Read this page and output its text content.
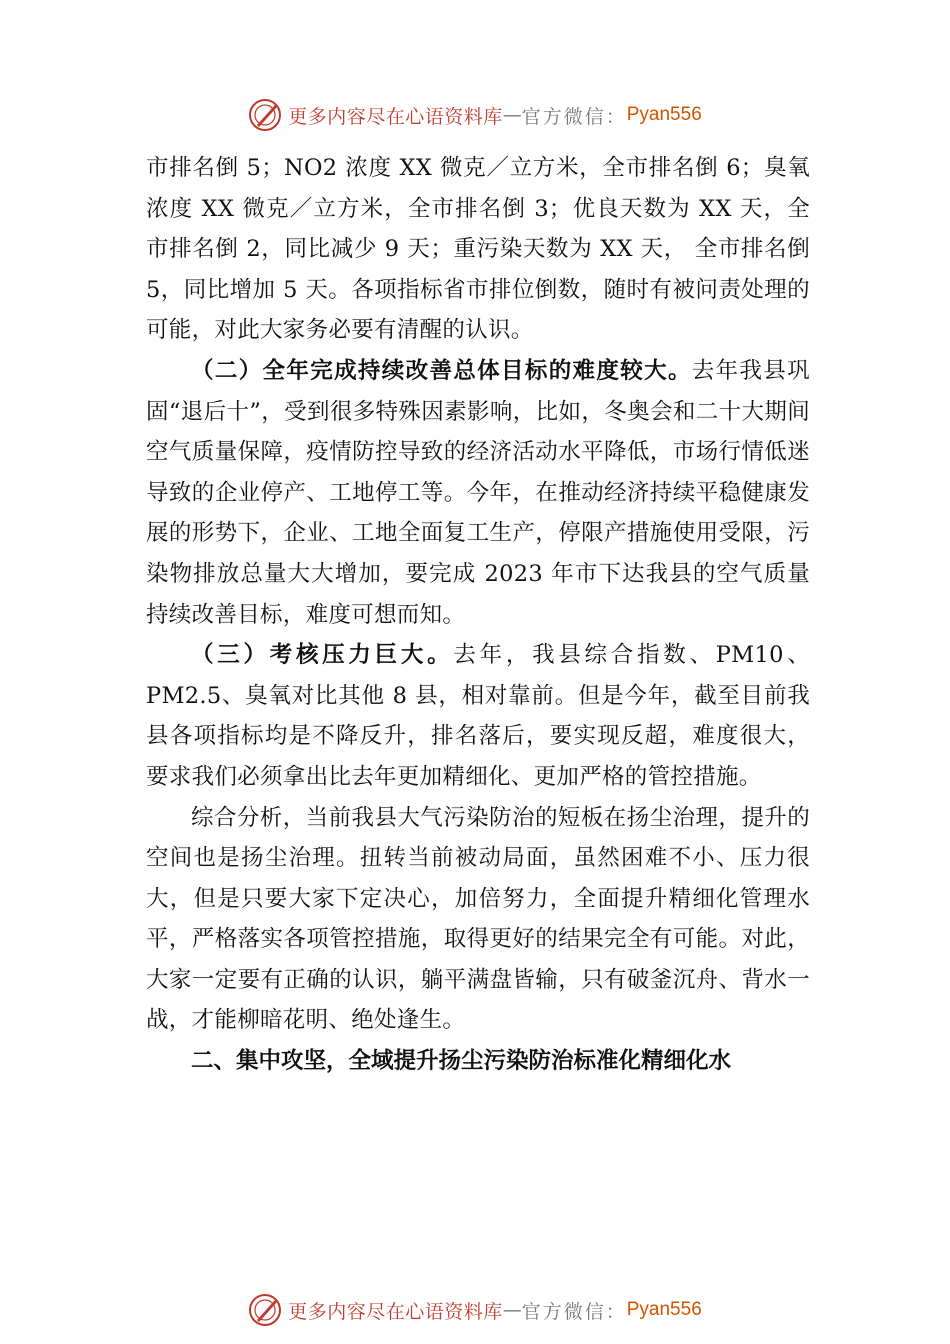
更多内容尽在心语资料库 — 官方微信： Pyan556

市排名倒 5；NO2 浓度 XX 微克／立方米，全市排名倒 6；臭氧浓度 XX 微克／立方米，全市排名倒 3；优良天数为 XX 天，全市排名倒 2，同比减少 9 天；重污染天数为 XX 天， 全市排名倒 5，同比增加 5 天。各项指标省市排位倒数，随时有被问责处理的可能，对此大家务必要有清醒的认识。

（二）全年完成持续改善总体目标的难度较大。去年我县巩固“退后十”，受到很多特殊因素影响，比如，冬奥会和二十大期间空气质量保障，疫情防控导致的经济活动水平降低，市场行情低迷导致的企业停产、工地停工等。今年，在推动经济持续平稳健康发展的形势下，企业、工地全面复工生产，停限产措施使用受限，污染物排放总量大大增加，要完成 2023 年市下达我县的空气质量持续改善目标，难度可想而知。

（三）考核压力巨大。去年，我县综合指数、PM10、PM2.5、臭氧对比其他 8 县，相对靠前。但是今年，截至目前我县各项指标均是不降反升，排名落后，要实现反超，难度很大， 要求我们必须拿出比去年更加精细化、更加严格的管控措施。

综合分析，当前我县大气污染防治的短板在扬尘治理，提升的空间也是扬尘治理。扭转当前被动局面，虽然困难不小、压力很大，但是只要大家下定决心，加倍努力，全面提升精细化管理水平，严格落实各项管控措施，取得更好的结果完全有可能。对此，大家一定要有正确的认识，躺平满盘皆输，只有破釜沉舟、背水一战，才能柳暗花明、绝处逢生。

二、集中攻坚，全域提升扬尘污染防治标准化精细化水

更多内容尽在心语资料库 — 官方微信： Pyan556
